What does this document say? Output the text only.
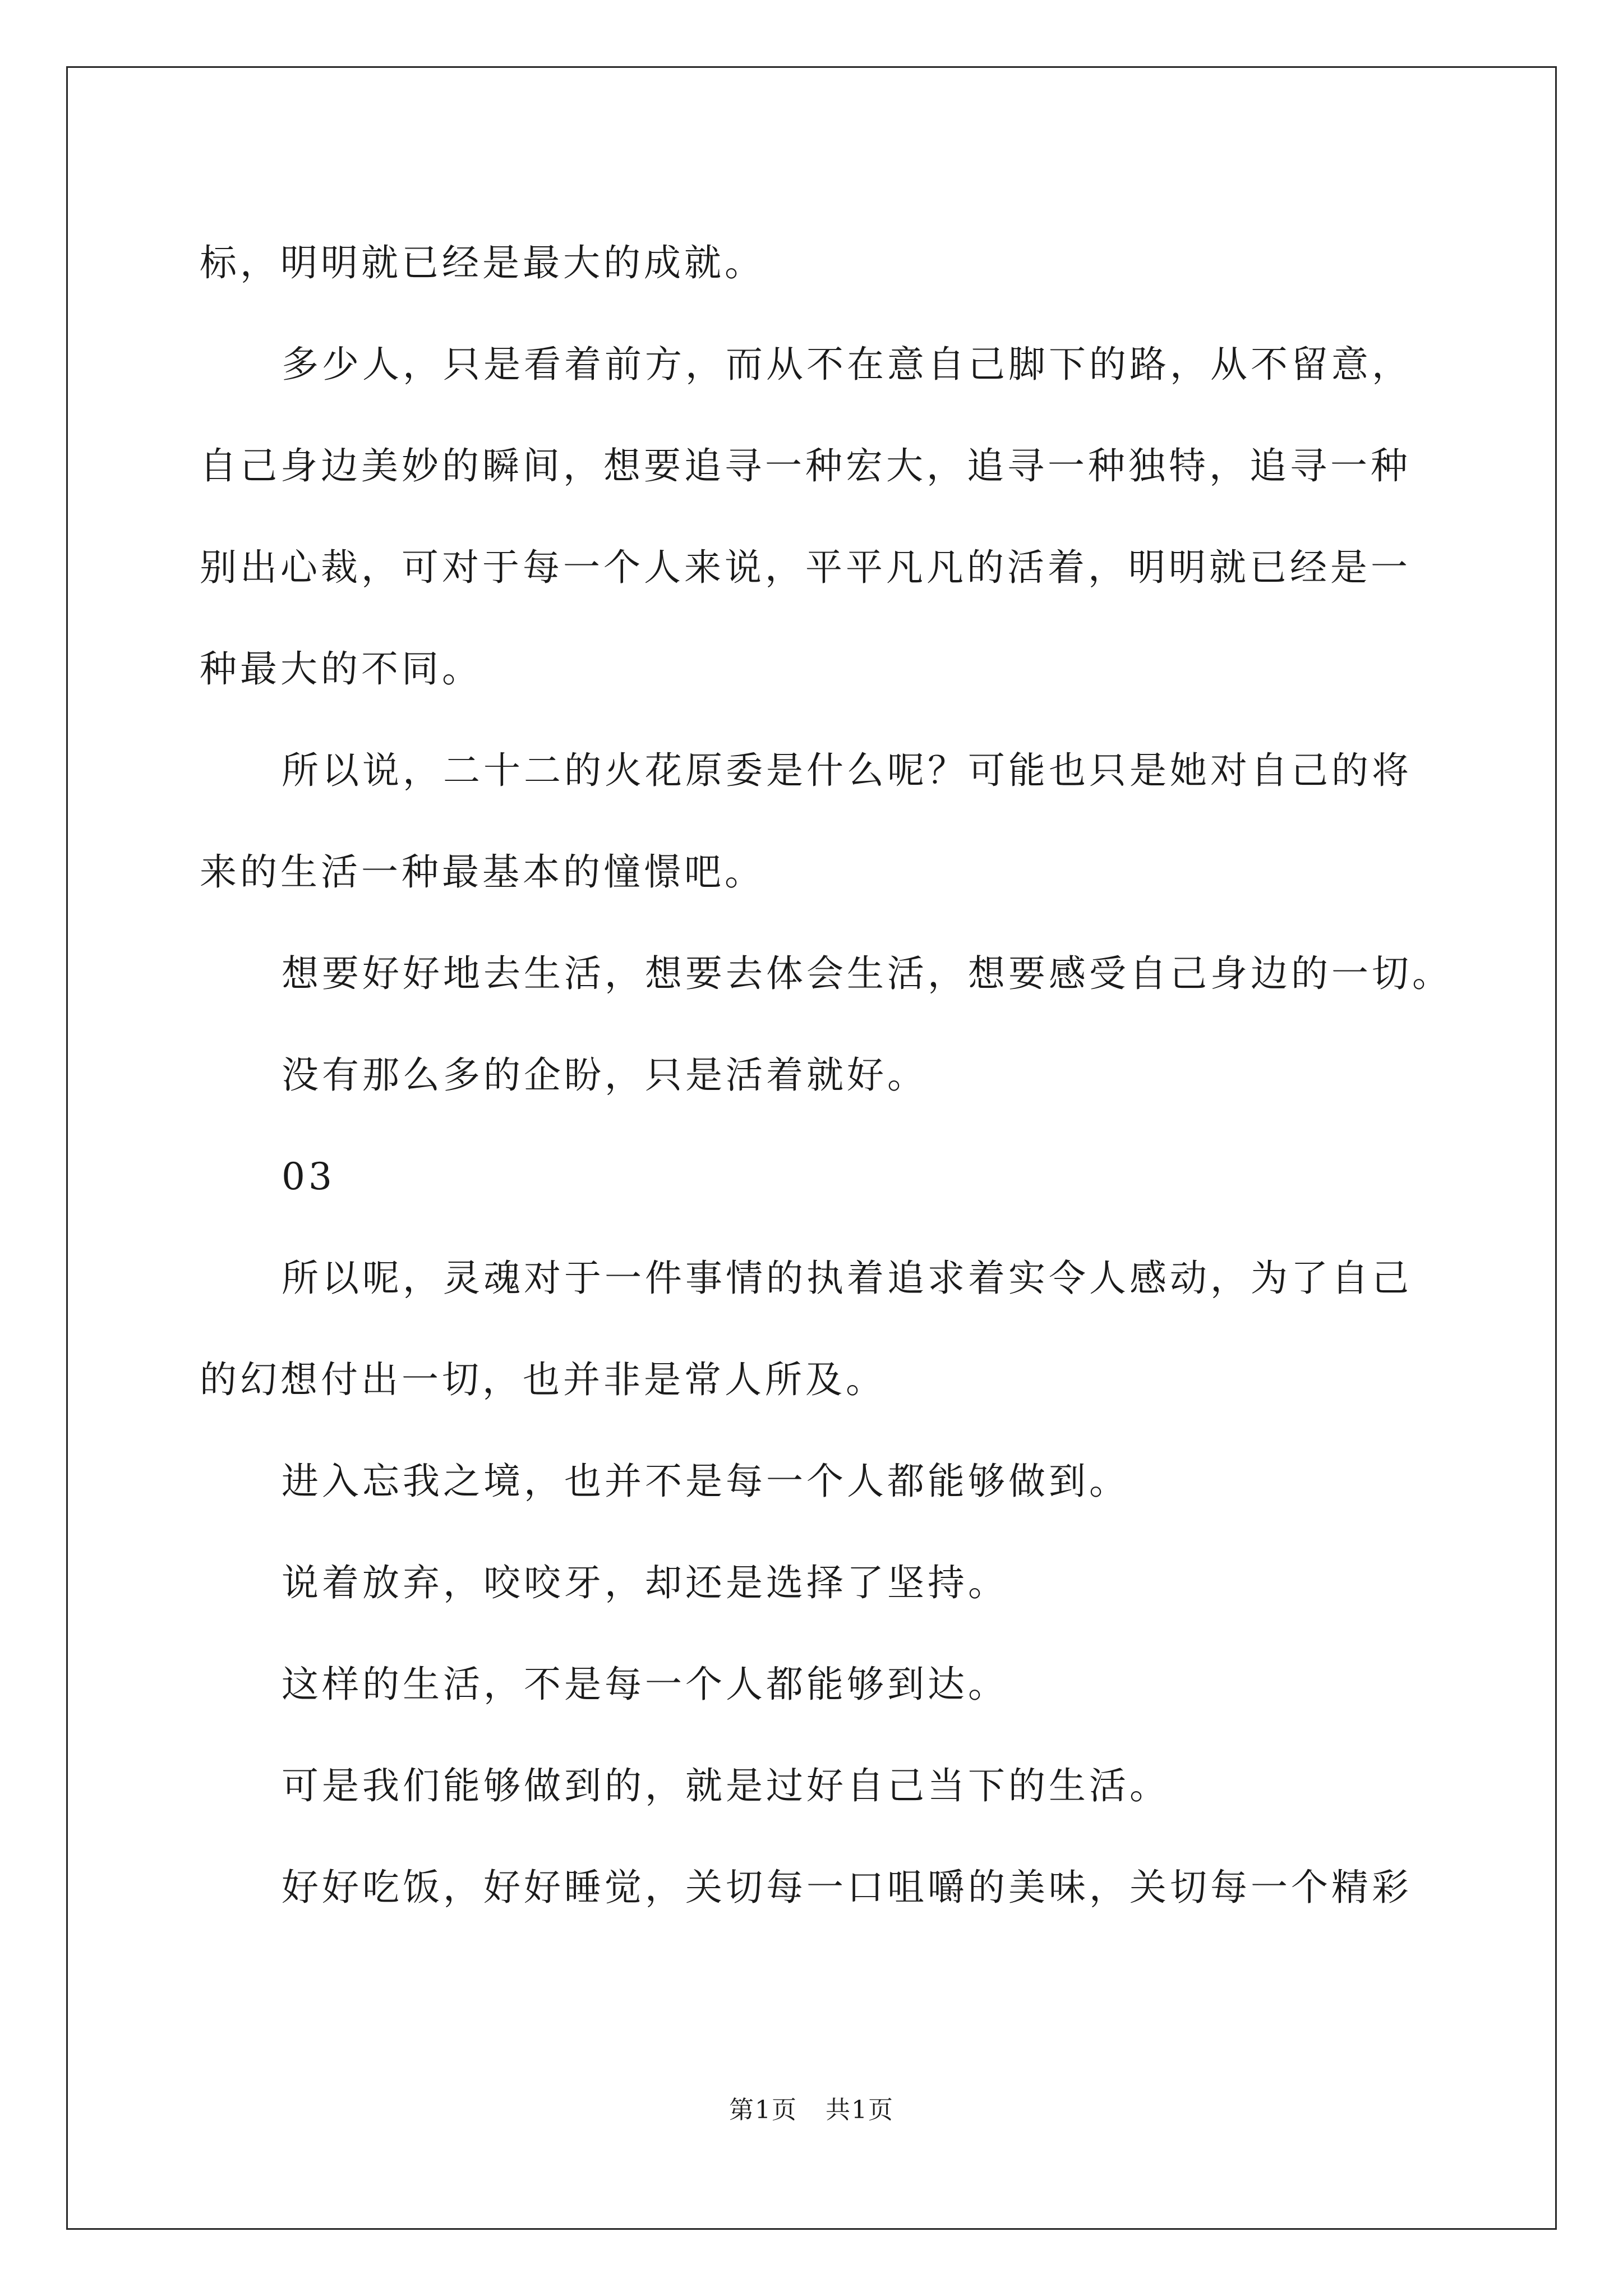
标，明明就已经是最大的成就。

多少人，只是看着前方，而从不在意自己脚下的路，从不留意，

自己身边美妙的瞬间，想要追寻一种宏大，追寻一种独特，追寻一种

别出心裁，可对于每一个人来说，平平凡凡的活着，明明就已经是一

种最大的不同。

所以说，二十二的火花原委是什么呢？可能也只是她对自己的将

来的生活一种最基本的憧憬吧。

想要好好地去生活，想要去体会生活，想要感受自己身边的一切。

没有那么多的企盼，只是活着就好。

03

所以呢，灵魂对于一件事情的执着追求着实令人感动，为了自己

的幻想付出一切，也并非是常人所及。

进入忘我之境，也并不是每一个人都能够做到。

说着放弃，咬咬牙，却还是选择了坚持。

这样的生活，不是每一个人都能够到达。

可是我们能够做到的，就是过好自己当下的生活。

好好吃饭，好好睡觉，关切每一口咀嚼的美味，关切每一个精彩

第1页 共1页
